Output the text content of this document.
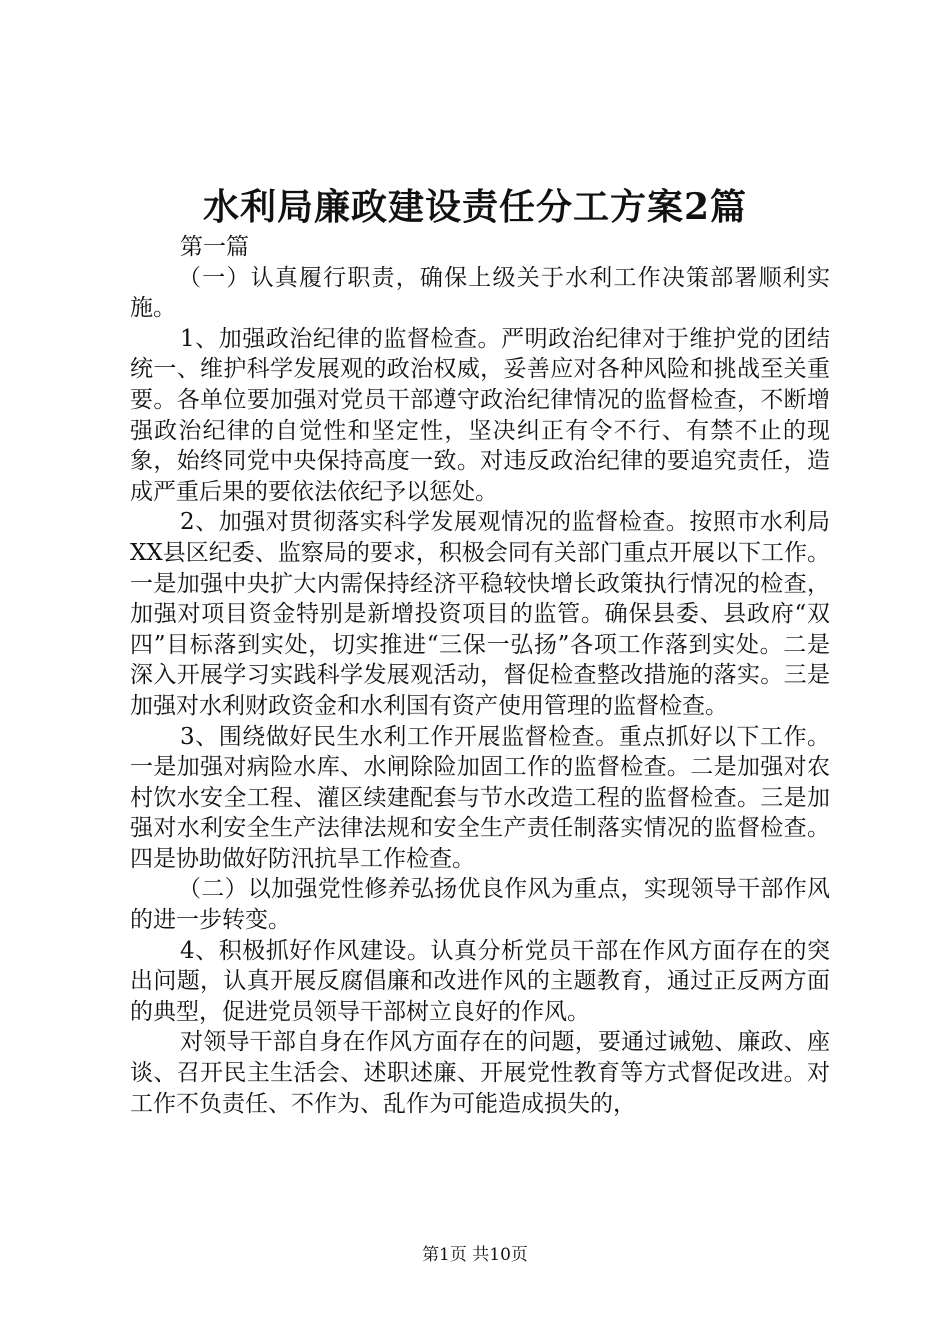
水利局廉政建设责任分工方案2篇

第一篇

（一）认真履行职责，确保上级关于水利工作决策部署顺利实施。

1、加强政治纪律的监督检查。严明政治纪律对于维护党的团结统一、维护科学发展观的政治权威，妥善应对各种风险和挑战至关重要。各单位要加强对党员干部遵守政治纪律情况的监督检查，不断增强政治纪律的自觉性和坚定性，坚决纠正有令不行、有禁不止的现象，始终同党中央保持高度一致。对违反政治纪律的要追究责任，造成严重后果的要依法依纪予以惩处。

2、加强对贯彻落实科学发展观情况的监督检查。按照市水利局XX县区纪委、监察局的要求，积极会同有关部门重点开展以下工作。一是加强中央扩大内需保持经济平稳较快增长政策执行情况的检查，加强对项目资金特别是新增投资项目的监管。确保县委、县政府“双四”目标落到实处，切实推进“三保一弘扬”各项工作落到实处。二是深入开展学习实践科学发展观活动，督促检查整改措施的落实。三是加强对水利财政资金和水利国有资产使用管理的监督检查。

3、围绕做好民生水利工作开展监督检查。重点抓好以下工作。一是加强对病险水库、水闸除险加固工作的监督检查。二是加强对农村饮水安全工程、灌区续建配套与节水改造工程的监督检查。三是加强对水利安全生产法律法规和安全生产责任制落实情况的监督检查。四是协助做好防汛抗旱工作检查。

（二）以加强党性修养弘扬优良作风为重点，实现领导干部作风的进一步转变。

4、积极抓好作风建设。认真分析党员干部在作风方面存在的突出问题，认真开展反腐倡廉和改进作风的主题教育，通过正反两方面的典型，促进党员领导干部树立良好的作风。

对领导干部自身在作风方面存在的问题，要通过诫勉、廉政、座谈、召开民主生活会、述职述廉、开展党性教育等方式督促改进。对工作不负责任、不作为、乱作为可能造成损失的，

第1页 共10页
